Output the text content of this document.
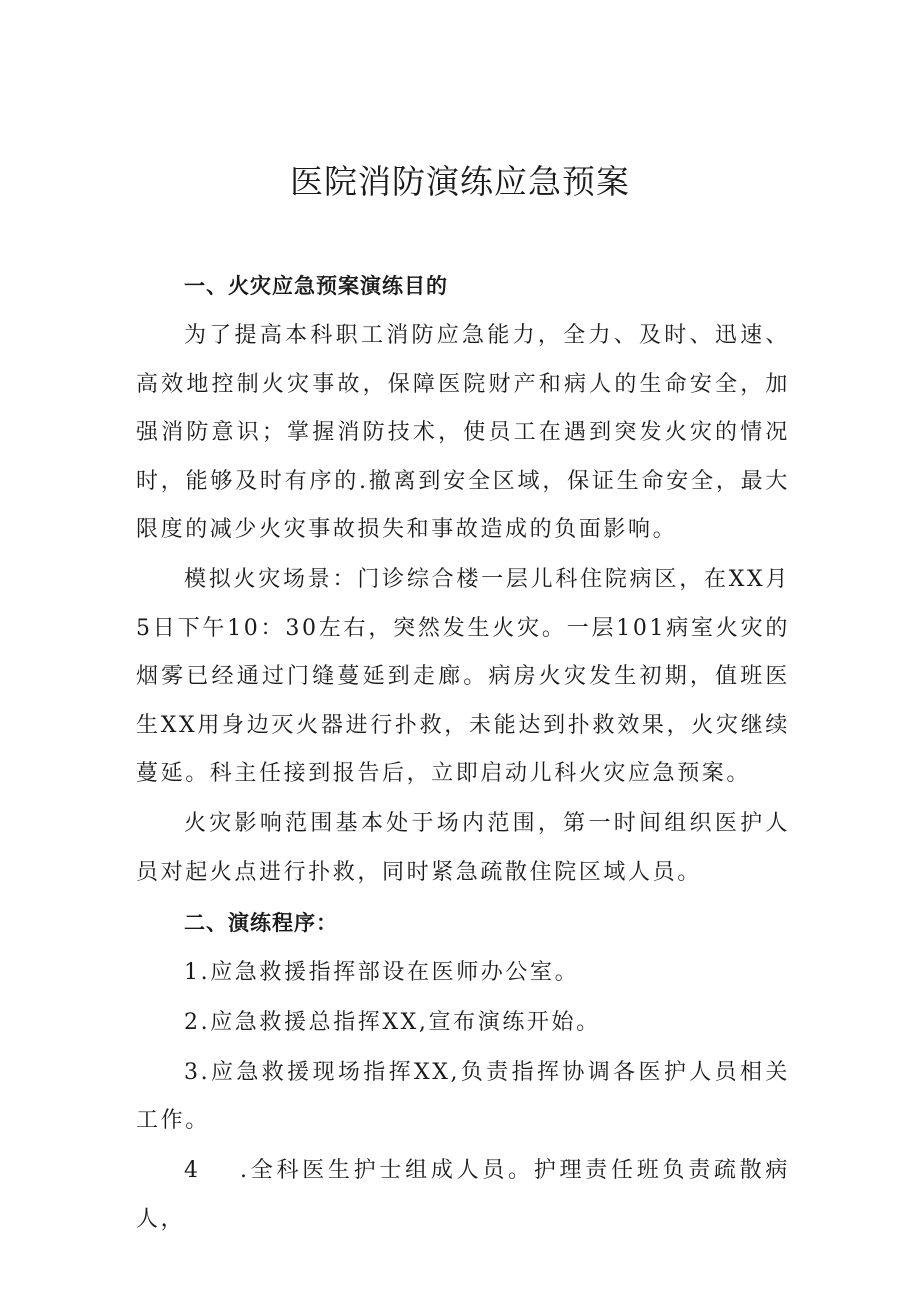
医院消防演练应急预案
一、火灾应急预案演练目的

为了提高本科职工消防应急能力，全力、及时、迅速、高效地控制火灾事故，保障医院财产和病人的生命安全，加强消防意识；掌握消防技术，使员工在遇到突发火灾的情况时，能够及时有序的.撤离到安全区域，保证生命安全，最大限度的减少火灾事故损失和事故造成的负面影响。

模拟火灾场景：门诊综合楼一层儿科住院病区，在XX月5日下午10：30左右，突然发生火灾。一层101病室火灾的烟雾已经通过门缝蔓延到走廊。病房火灾发生初期，值班医生XX用身边灭火器进行扑救，未能达到扑救效果，火灾继续蔓延。科主任接到报告后，立即启动儿科火灾应急预案。

火灾影响范围基本处于场内范围，第一时间组织医护人员对起火点进行扑救，同时紧急疏散住院区域人员。

二、演练程序：

1.应急救援指挥部设在医师办公室。

2.应急救援总指挥XX,宣布演练开始。

3.应急救援现场指挥XX,负责指挥协调各医护人员相关工作。

4 .全科医生护士组成人员。护理责任班负责疏散病人，
